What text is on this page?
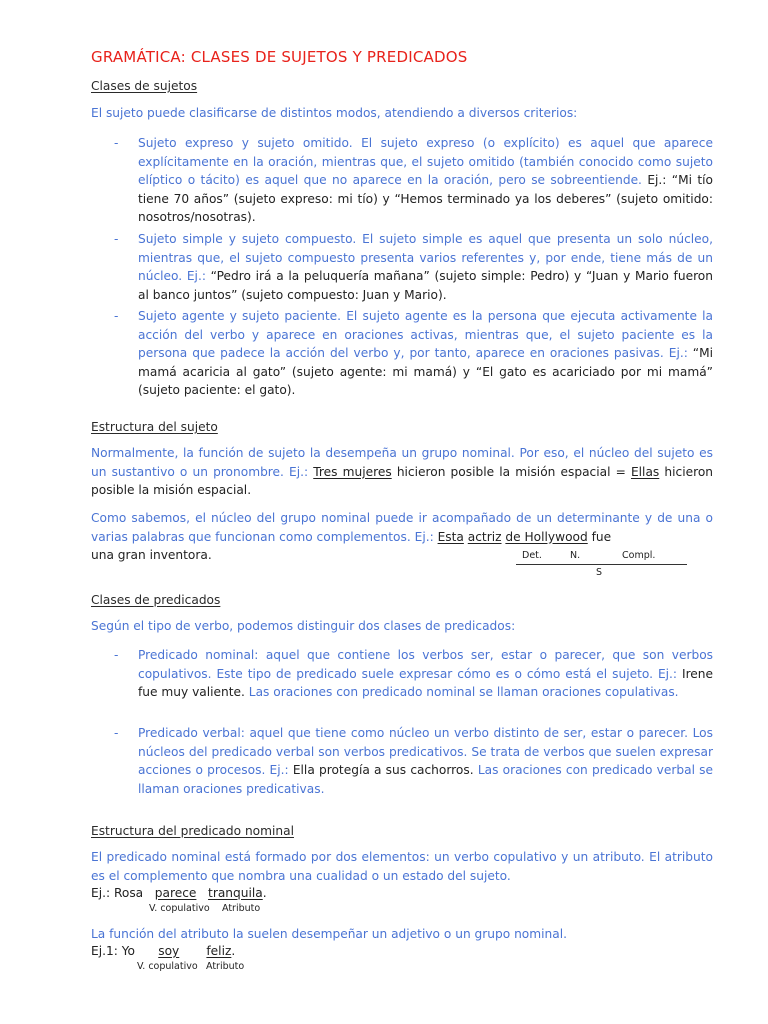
GRAMÁTICA: CLASES DE SUJETOS Y PREDICADOS
Clases de sujetos
El sujeto puede clasificarse de distintos modos, atendiendo a diversos criterios:
- Sujeto expreso y sujeto omitido. El sujeto expreso (o explícito) es aquel que aparece explícitamente en la oración, mientras que, el sujeto omitido (también conocido como sujeto elíptico o tácito) es aquel que no aparece en la oración, pero se sobreentiende. Ej.: “Mi tío tiene 70 años” (sujeto expreso: mi tío) y “Hemos terminado ya los deberes” (sujeto omitido: nosotros/nosotras).
- Sujeto simple y sujeto compuesto. El sujeto simple es aquel que presenta un solo núcleo, mientras que, el sujeto compuesto presenta varios referentes y, por ende, tiene más de un núcleo. Ej.: “Pedro irá a la peluquería mañana” (sujeto simple: Pedro) y “Juan y Mario fueron al banco juntos” (sujeto compuesto: Juan y Mario).
- Sujeto agente y sujeto paciente. El sujeto agente es la persona que ejecuta activamente la acción del verbo y aparece en oraciones activas, mientras que, el sujeto paciente es la persona que padece la acción del verbo y, por tanto, aparece en oraciones pasivas. Ej.: “Mi mamá acaricia al gato” (sujeto agente: mi mamá) y “El gato es acariciado por mi mamá” (sujeto paciente: el gato).
Estructura del sujeto
Normalmente, la función de sujeto la desempeña un grupo nominal. Por eso, el núcleo del sujeto es un sustantivo o un pronombre. Ej.: Tres mujeres hicieron posible la misión espacial = Ellas hicieron posible la misión espacial.
Como sabemos, el núcleo del grupo nominal puede ir acompañado de un determinante y de una o varias palabras que funcionan como complementos. Ej.: Esta actriz de Hollywood fue
una gran inventora.	Det.	N.	Compl.
S
Clases de predicados
Según el tipo de verbo, podemos distinguir dos clases de predicados:
- Predicado nominal: aquel que contiene los verbos ser, estar o parecer, que son verbos copulativos. Este tipo de predicado suele expresar cómo es o cómo está el sujeto. Ej.: Irene fue muy valiente. Las oraciones con predicado nominal se llaman oraciones copulativas.
- Predicado verbal: aquel que tiene como núcleo un verbo distinto de ser, estar o parecer. Los núcleos del predicado verbal son verbos predicativos. Se trata de verbos que suelen expresar acciones o procesos. Ej.: Ella protegía a sus cachorros. Las oraciones con predicado verbal se llaman oraciones predicativas.
Estructura del predicado nominal
El predicado nominal está formado por dos elementos: un verbo copulativo y un atributo. El atributo es el complemento que nombra una cualidad o un estado del sujeto.
Ej.: Rosa parece tranquila.
V. copulativo Atributo
La función del atributo la suelen desempeñar un adjetivo o un grupo nominal.
Ej.1: Yo soy feliz.
V. copulativo Atributo
